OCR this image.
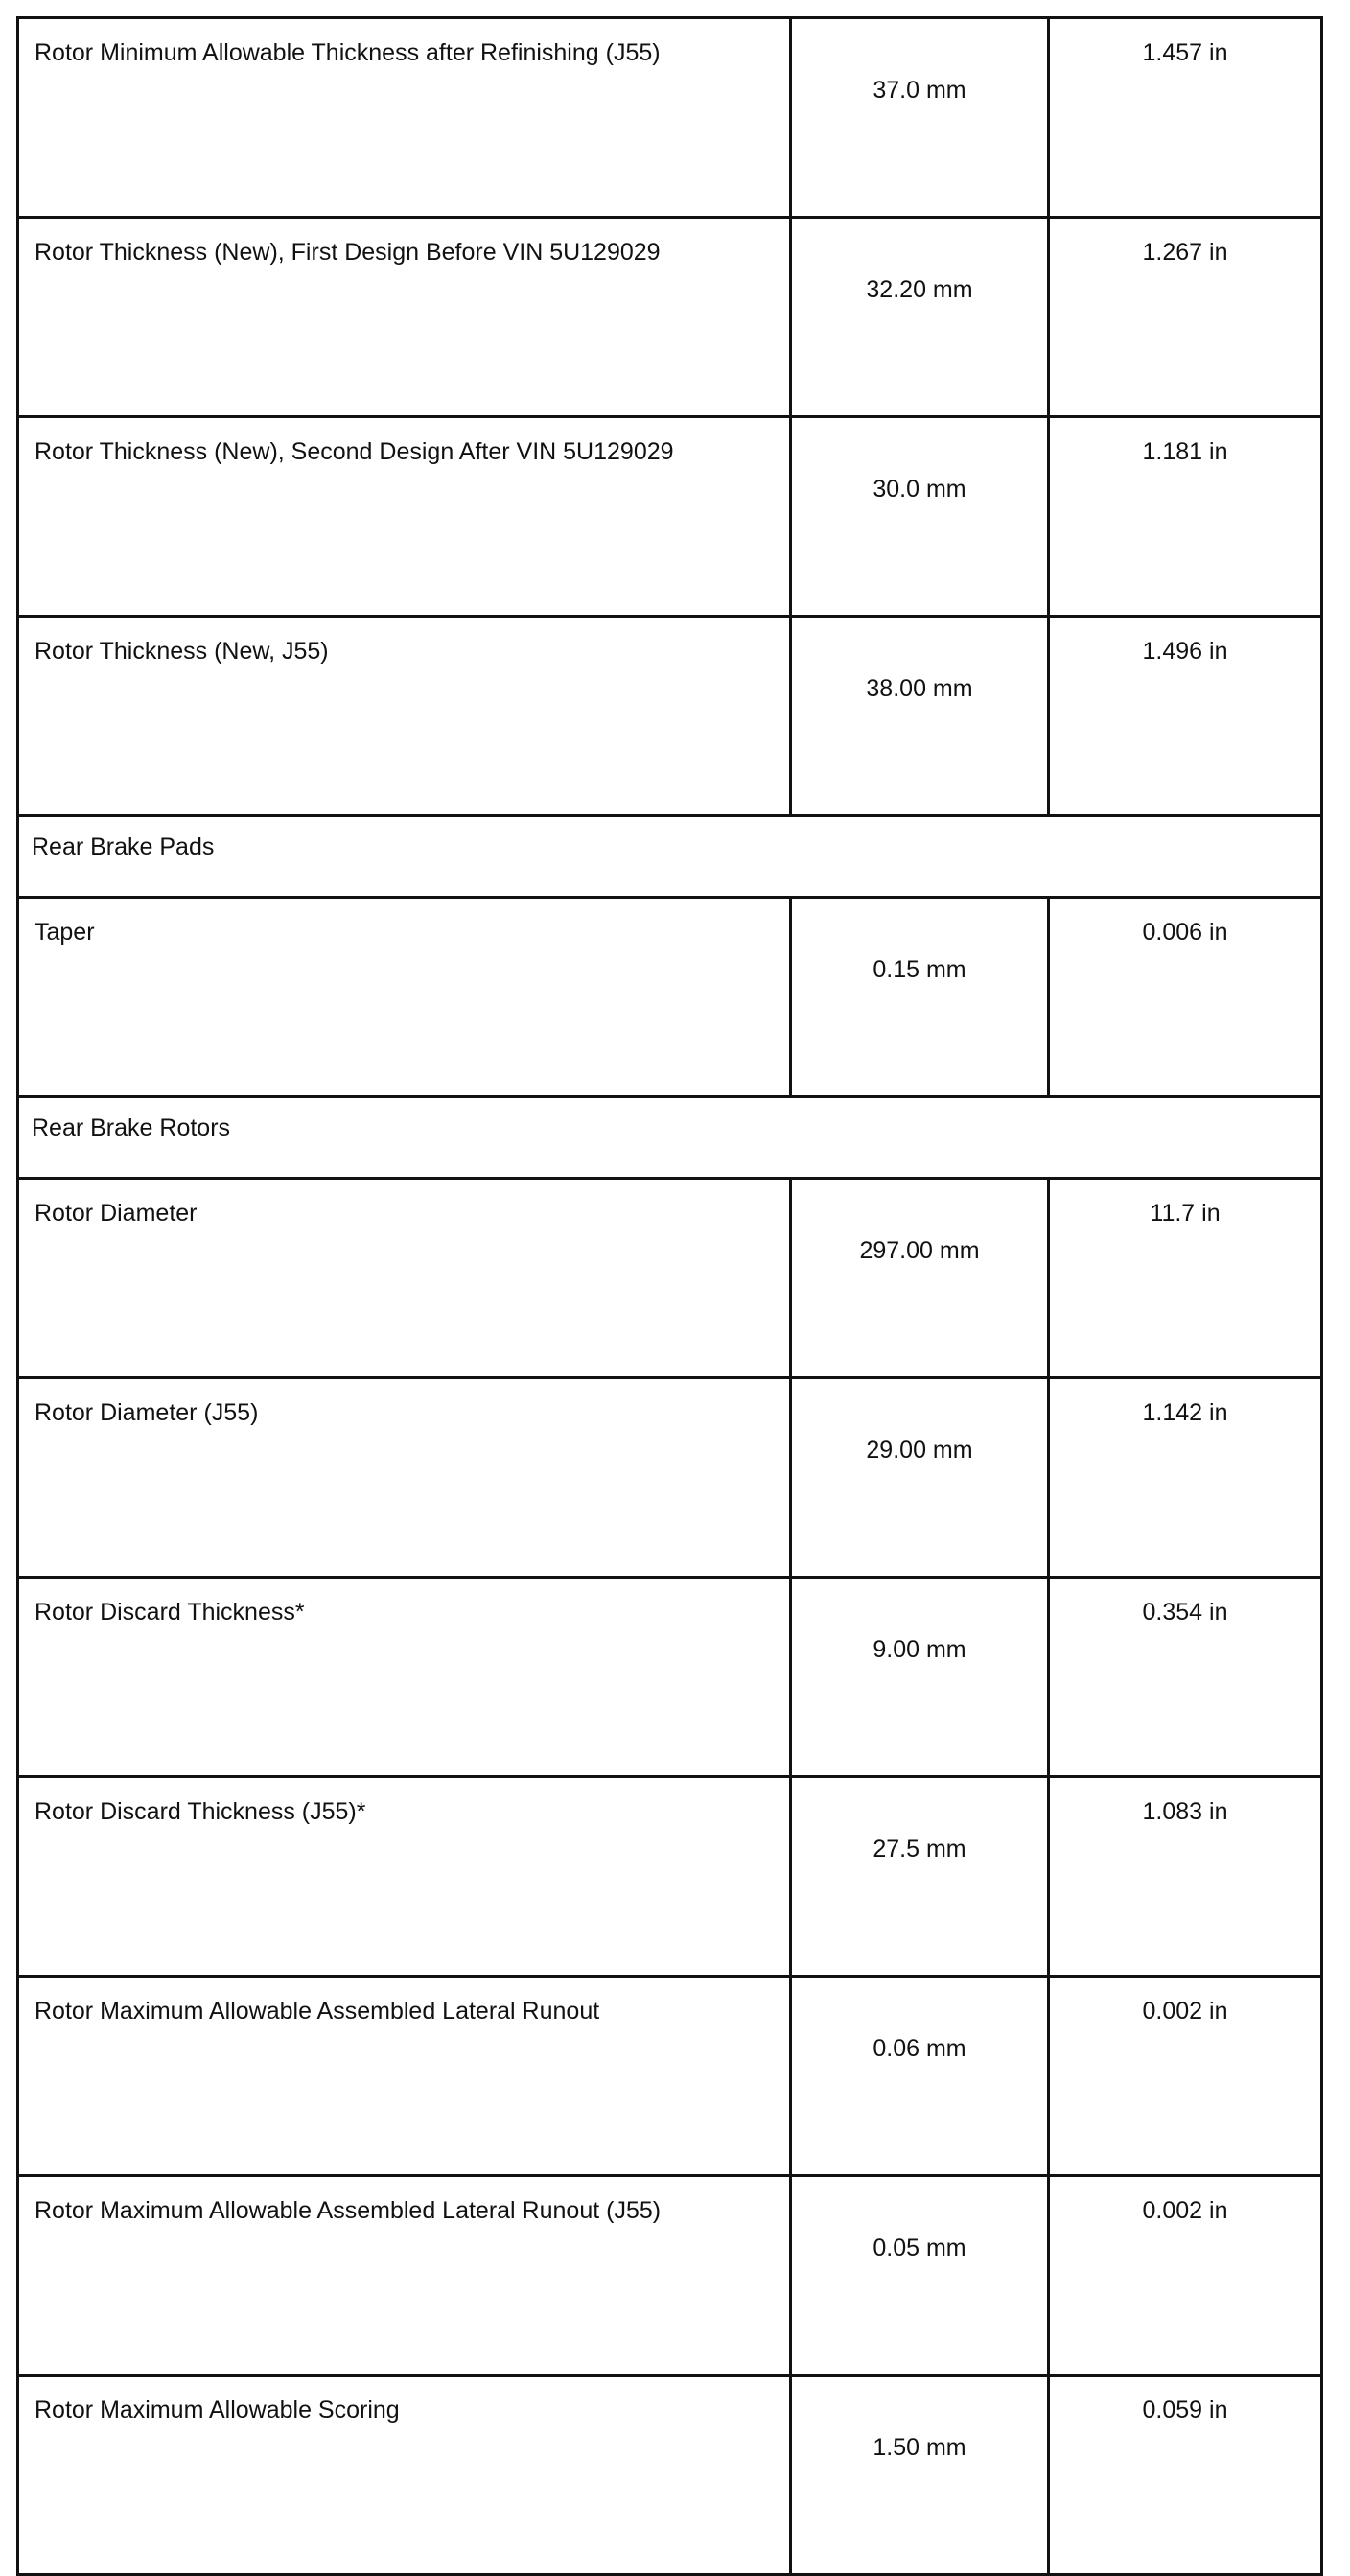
Rotor Minimum Allowable Thickness after Refinishing (J55)	37.0 mm	1.457 in
Rotor Thickness (New), First Design Before VIN 5U129029	32.20 mm	1.267 in
Rotor Thickness (New), Second Design After VIN 5U129029	30.0 mm	1.181 in
Rotor Thickness (New, J55)	38.00 mm	1.496 in
Rear Brake Pads		
Taper	0.15 mm	0.006 in
Rear Brake Rotors		
Rotor Diameter	297.00 mm	11.7 in
Rotor Diameter (J55)	29.00 mm	1.142 in
Rotor Discard Thickness*	9.00 mm	0.354 in
Rotor Discard Thickness (J55)*	27.5 mm	1.083 in
Rotor Maximum Allowable Assembled Lateral Runout	0.06 mm	0.002 in
Rotor Maximum Allowable Assembled Lateral Runout (J55)	0.05 mm	0.002 in
Rotor Maximum Allowable Scoring	1.50 mm	0.059 in
